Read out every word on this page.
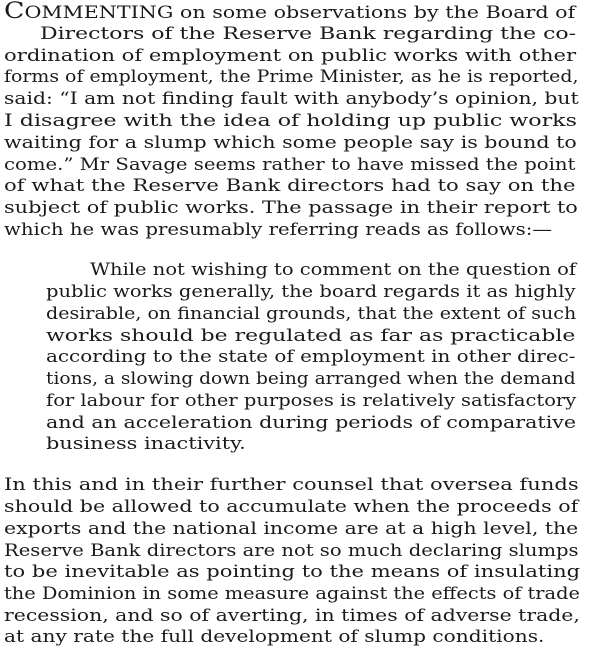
COMMENTING on some observations by the Board of
Directors of the Reserve Bank regarding the co-
ordination of employment on public works with other
forms of employment, the Prime Minister, as he is reported,
said: “I am not finding fault with anybody’s opinion, but
I disagree with the idea of holding up public works
waiting for a slump which some people say is bound to
come.” Mr Savage seems rather to have missed the point
of what the Reserve Bank directors had to say on the
subject of public works. The passage in their report to
which he was presumably referring reads as follows:—
While not wishing to comment on the question of
public works generally, the board regards it as highly
desirable, on financial grounds, that the extent of such
works should be regulated as far as practicable
according to the state of employment in other direc-
tions, a slowing down being arranged when the demand
for labour for other purposes is relatively satisfactory
and an acceleration during periods of comparative
business inactivity.
In this and in their further counsel that oversea funds
should be allowed to accumulate when the proceeds of
exports and the national income are at a high level, the
Reserve Bank directors are not so much declaring slumps
to be inevitable as pointing to the means of insulating
the Dominion in some measure against the effects of trade
recession, and so of averting, in times of adverse trade,
at any rate the full development of slump conditions.
